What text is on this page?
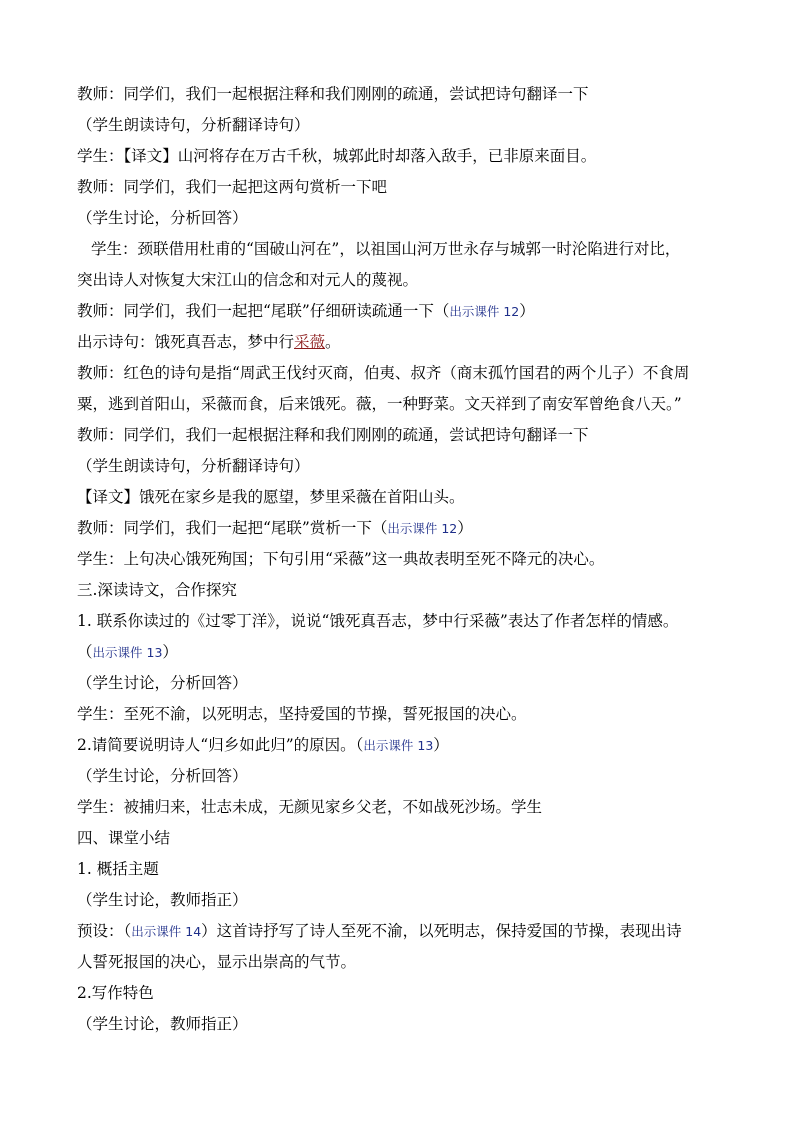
教师：同学们，我们一起根据注释和我们刚刚的疏通，尝试把诗句翻译一下
（学生朗读诗句，分析翻译诗句）
学生：【译文】山河将存在万古千秋，城郭此时却落入敌手，已非原来面目。
教师：同学们，我们一起把这两句赏析一下吧
（学生讨论，分析回答）
学生：颈联借用杜甫的“国破山河在”，以祖国山河万世永存与城郭一时沦陷进行对比，
突出诗人对恢复大宋江山的信念和对元人的蔑视。
教师：同学们，我们一起把“尾联”仔细研读疏通一下（出示课件 12）
出示诗句：饿死真吾志，梦中行采薇。
教师：红色的诗句是指“周武王伐纣灭商，伯夷、叔齐（商末孤竹国君的两个儿子）不食周
粟，逃到首阳山，采薇而食，后来饿死。薇，一种野菜。文天祥到了南安军曾绝食八天。”
教师：同学们，我们一起根据注释和我们刚刚的疏通，尝试把诗句翻译一下
（学生朗读诗句，分析翻译诗句）
【译文】饿死在家乡是我的愿望，梦里采薇在首阳山头。
教师：同学们，我们一起把“尾联”赏析一下（出示课件 12）
学生：上句决心饿死殉国；下句引用“采薇”这一典故表明至死不降元的决心。
三.深读诗文，合作探究
1. 联系你读过的《过零丁洋》，说说“饿死真吾志，梦中行采薇”表达了作者怎样的情感。
（出示课件 13）
（学生讨论，分析回答）
学生：至死不渝，以死明志，坚持爱国的节操，誓死报国的决心。
2.请简要说明诗人“归乡如此归”的原因。（出示课件 13）
（学生讨论，分析回答）
学生：被捕归来，壮志未成，无颜见家乡父老，不如战死沙场。学生
四、课堂小结
1. 概括主题
（学生讨论，教师指正）
预设：（出示课件 14）这首诗抒写了诗人至死不渝，以死明志，保持爱国的节操，表现出诗
人誓死报国的决心，显示出崇高的气节。
2.写作特色
（学生讨论，教师指正）
